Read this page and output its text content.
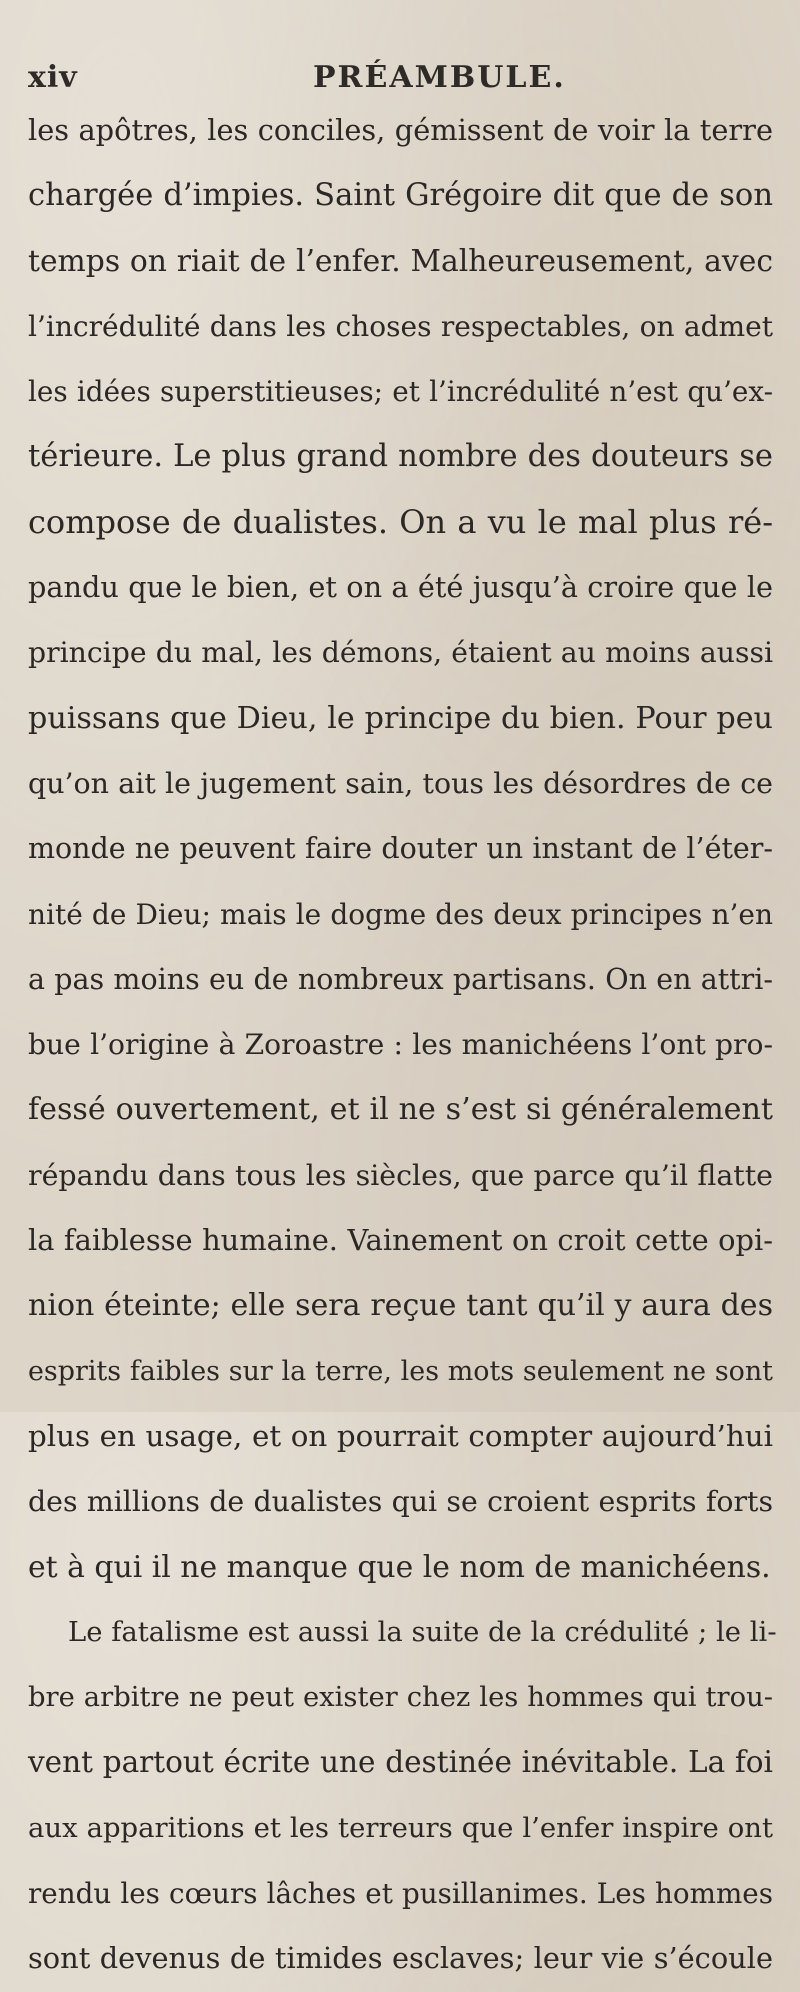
xiv	PRÉAMBULE.
les apôtres, les conciles, gémissent de voir la terre
chargée d’impies. Saint Grégoire dit que de son
temps on riait de l’enfer. Malheureusement, avec
l’incrédulité dans les choses respectables, on admet
les idées superstitieuses; et l’incrédulité n’est qu’ex-
térieure. Le plus grand nombre des douteurs se
compose de dualistes. On a vu le mal plus ré-
pandu que le bien, et on a été jusqu’à croire que le
principe du mal, les démons, étaient au moins aussi
puissans que Dieu, le principe du bien. Pour peu
qu’on ait le jugement sain, tous les désordres de ce
monde ne peuvent faire douter un instant de l’éter-
nité de Dieu; mais le dogme des deux principes n’en
a pas moins eu de nombreux partisans. On en attri-
bue l’origine à Zoroastre : les manichéens l’ont pro-
fessé ouvertement, et il ne s’est si généralement
répandu dans tous les siècles, que parce qu’il flatte
la faiblesse humaine. Vainement on croit cette opi-
nion éteinte; elle sera reçue tant qu’il y aura des
esprits faibles sur la terre, les mots seulement ne sont
plus en usage, et on pourrait compter aujourd’hui
des millions de dualistes qui se croient esprits forts
et à qui il ne manque que le nom de manichéens.
Le fatalisme est aussi la suite de la crédulité ; le li-
bre arbitre ne peut exister chez les hommes qui trou-
vent partout écrite une destinée inévitable. La foi
aux apparitions et les terreurs que l’enfer inspire ont
rendu les cœurs lâches et pusillanimes. Les hommes
sont devenus de timides esclaves; leur vie s’écoule
